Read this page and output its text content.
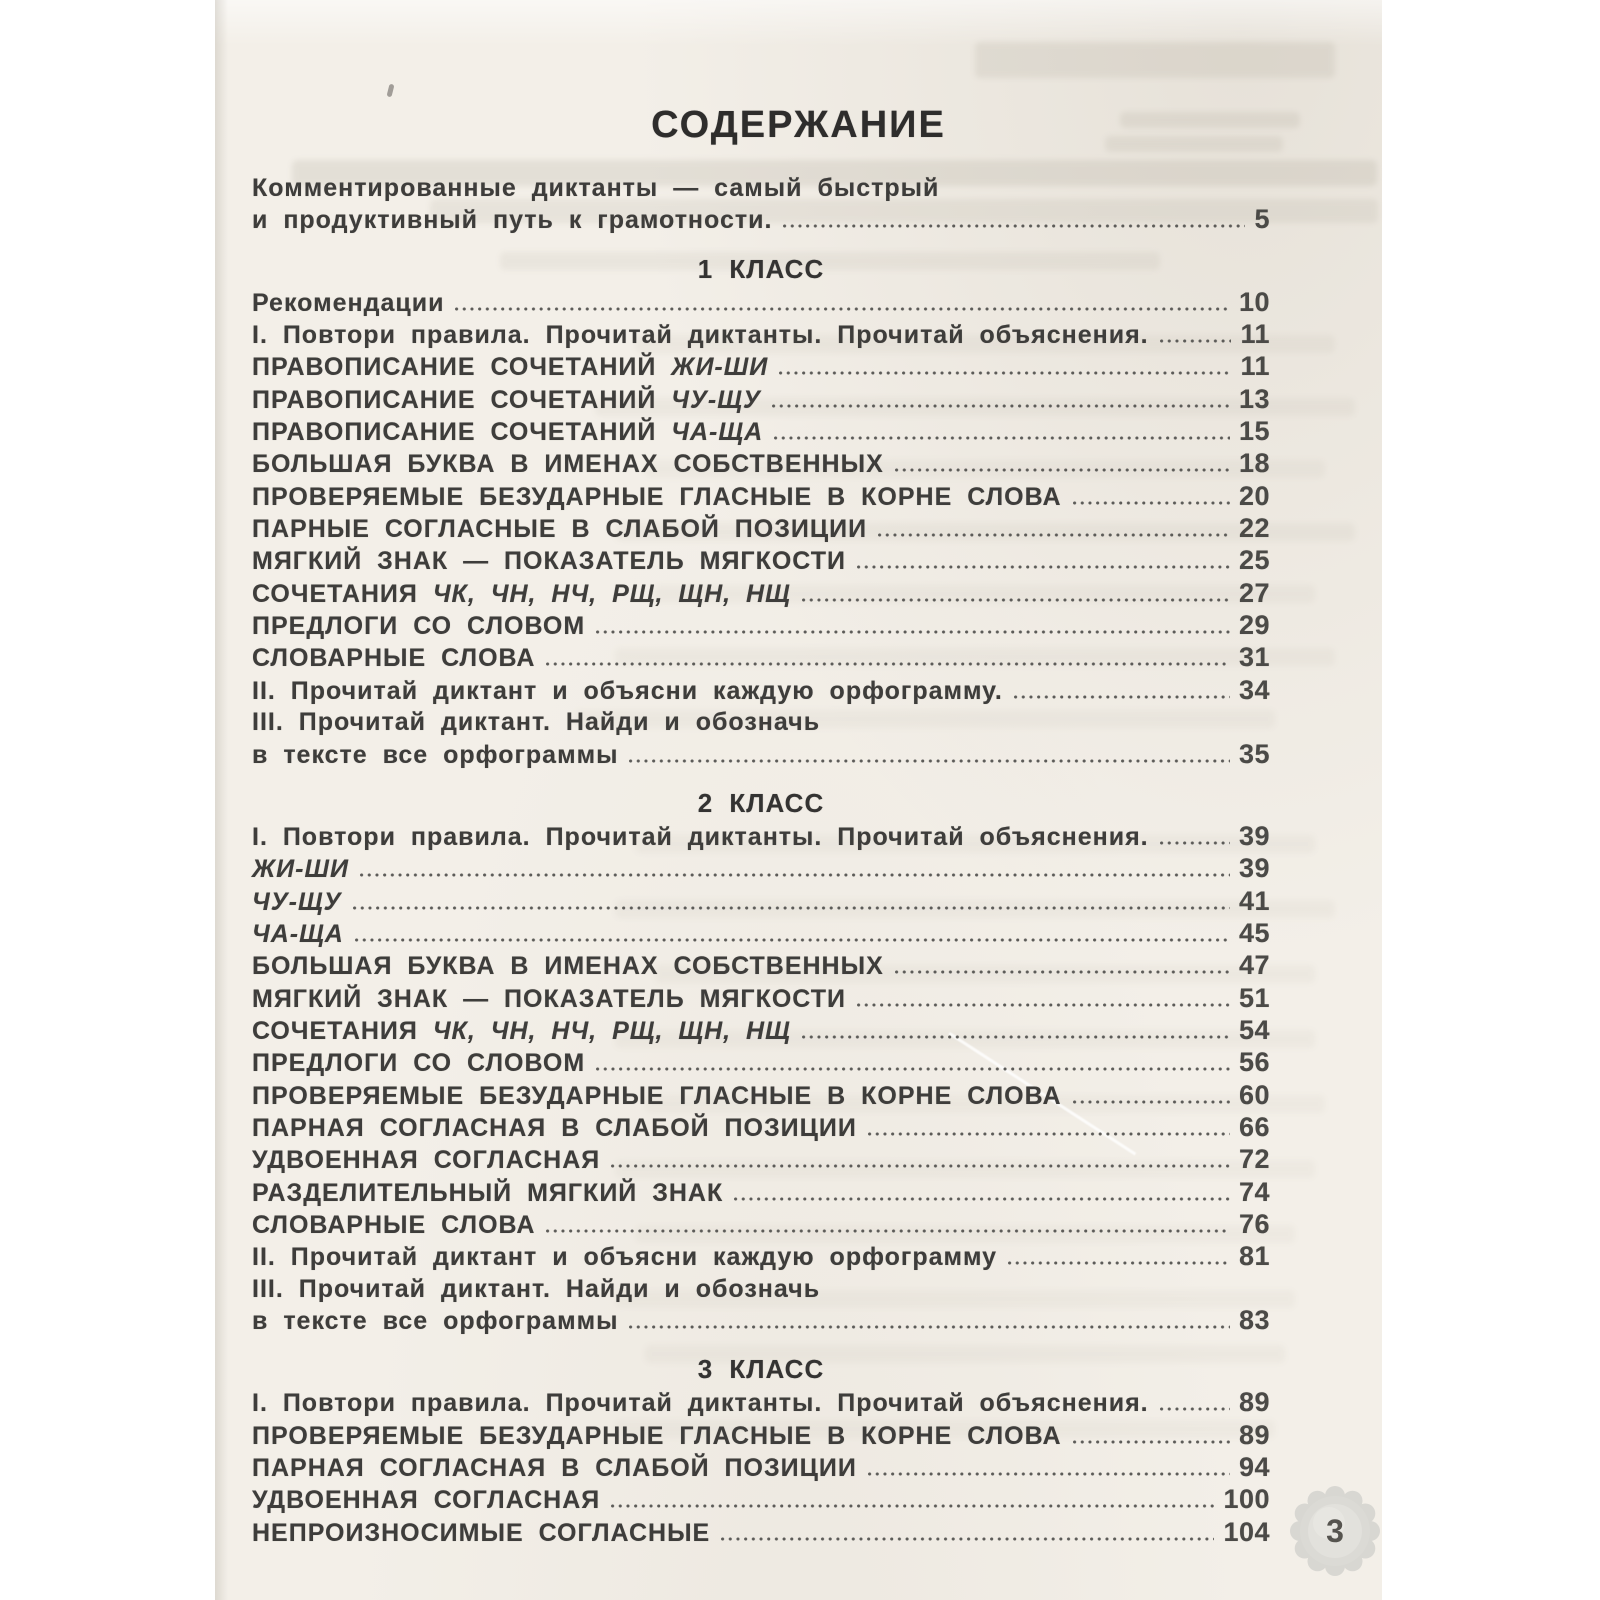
СОДЕРЖАНИЕ
Комментированные диктанты — самый быстрый
и продуктивный путь к грамотности.	5
1 КЛАСС
Рекомендации	10
I. Повтори правила. Прочитай диктанты. Прочитай объяснения.	11
ПРАВОПИСАНИЕ СОЧЕТАНИЙ ЖИ-ШИ	11
ПРАВОПИСАНИЕ СОЧЕТАНИЙ ЧУ-ЩУ	13
ПРАВОПИСАНИЕ СОЧЕТАНИЙ ЧА-ЩА	15
БОЛЬШАЯ БУКВА В ИМЕНАХ СОБСТВЕННЫХ	18
ПРОВЕРЯЕМЫЕ БЕЗУДАРНЫЕ ГЛАСНЫЕ В КОРНЕ СЛОВА	20
ПАРНЫЕ СОГЛАСНЫЕ В СЛАБОЙ ПОЗИЦИИ	22
МЯГКИЙ ЗНАК — ПОКАЗАТЕЛЬ МЯГКОСТИ	25
СОЧЕТАНИЯ ЧК, ЧН, НЧ, РЩ, ЩН, НЩ	27
ПРЕДЛОГИ СО СЛОВОМ	29
СЛОВАРНЫЕ СЛОВА	31
II. Прочитай диктант и объясни каждую орфограмму.	34
III. Прочитай диктант. Найди и обозначь
в тексте все орфограммы	35
2 КЛАСС
I. Повтори правила. Прочитай диктанты. Прочитай объяснения.	39
ЖИ-ШИ	39
ЧУ-ЩУ	41
ЧА-ЩА	45
БОЛЬШАЯ БУКВА В ИМЕНАХ СОБСТВЕННЫХ	47
МЯГКИЙ ЗНАК — ПОКАЗАТЕЛЬ МЯГКОСТИ	51
СОЧЕТАНИЯ ЧК, ЧН, НЧ, РЩ, ЩН, НЩ	54
ПРЕДЛОГИ СО СЛОВОМ	56
ПРОВЕРЯЕМЫЕ БЕЗУДАРНЫЕ ГЛАСНЫЕ В КОРНЕ СЛОВА	60
ПАРНАЯ СОГЛАСНАЯ В СЛАБОЙ ПОЗИЦИИ	66
УДВОЕННАЯ СОГЛАСНАЯ	72
РАЗДЕЛИТЕЛЬНЫЙ МЯГКИЙ ЗНАК	74
СЛОВАРНЫЕ СЛОВА	76
II. Прочитай диктант и объясни каждую орфограмму	81
III. Прочитай диктант. Найди и обозначь
в тексте все орфограммы	83
3 КЛАСС
I. Повтори правила. Прочитай диктанты. Прочитай объяснения.	89
ПРОВЕРЯЕМЫЕ БЕЗУДАРНЫЕ ГЛАСНЫЕ В КОРНЕ СЛОВА	89
ПАРНАЯ СОГЛАСНАЯ В СЛАБОЙ ПОЗИЦИИ	94
УДВОЕННАЯ СОГЛАСНАЯ	100
НЕПРОИЗНОСИМЫЕ СОГЛАСНЫЕ	104	3
